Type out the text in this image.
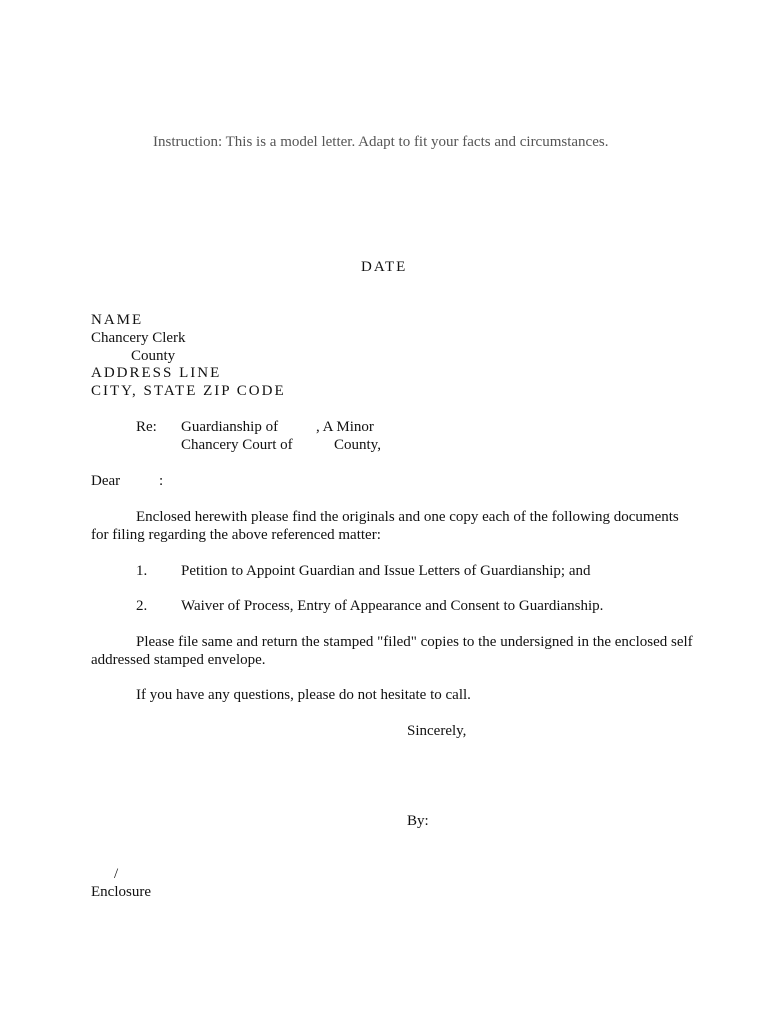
Instruction: This is a model letter. Adapt to fit your facts and circumstances.
DATE
NAME
Chancery Clerk
County
ADDRESS LINE
CITY, STATE ZIP CODE
Re: Guardianship of	, A Minor
Chancery Court of	County,
Dear	:
Enclosed herewith please find the originals and one copy each of the following documents
for filing regarding the above referenced matter:
1. Petition to Appoint Guardian and Issue Letters of Guardianship; and
2. Waiver of Process, Entry of Appearance and Consent to Guardianship.
Please file same and return the stamped "filed" copies to the undersigned in the enclosed self
addressed stamped envelope.
If you have any questions, please do not hesitate to call.
Sincerely,
By:
/
Enclosure
